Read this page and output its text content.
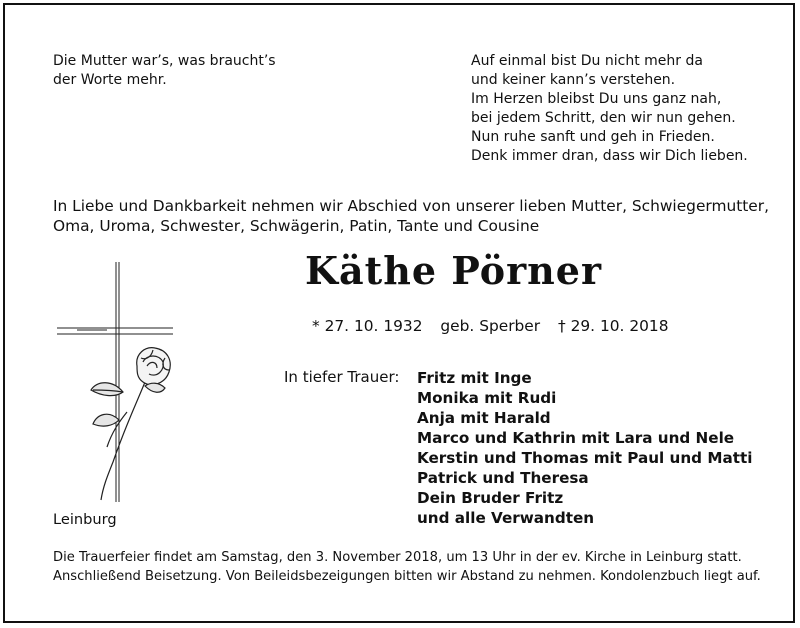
Die Mutter war’s, was braucht’s
der Worte mehr.
Auf einmal bist Du nicht mehr da
und keiner kann’s verstehen.
Im Herzen bleibst Du uns ganz nah,
bei jedem Schritt, den wir nun gehen.
Nun ruhe sanft und geh in Frieden.
Denk immer dran, dass wir Dich lieben.
In Liebe und Dankbarkeit nehmen wir Abschied von unserer lieben Mutter, Schwiegermutter,
Oma, Uroma, Schwester, Schwägerin, Patin, Tante und Cousine
Käthe Pörner
* 27. 10. 1932 geb. Sperber † 29. 10. 2018
In tiefer Trauer: Fritz mit Inge
Monika mit Rudi
Anja mit Harald
Marco und Kathrin mit Lara und Nele
Kerstin und Thomas mit Paul und Matti
Patrick und Theresa
Dein Bruder Fritz
und alle Verwandten
Leinburg
Die Trauerfeier findet am Samstag, den 3. November 2018, um 13 Uhr in der ev. Kirche in Leinburg statt.
Anschließend Beisetzung. Von Beileidsbezeigungen bitten wir Abstand zu nehmen. Kondolenzbuch liegt auf.
